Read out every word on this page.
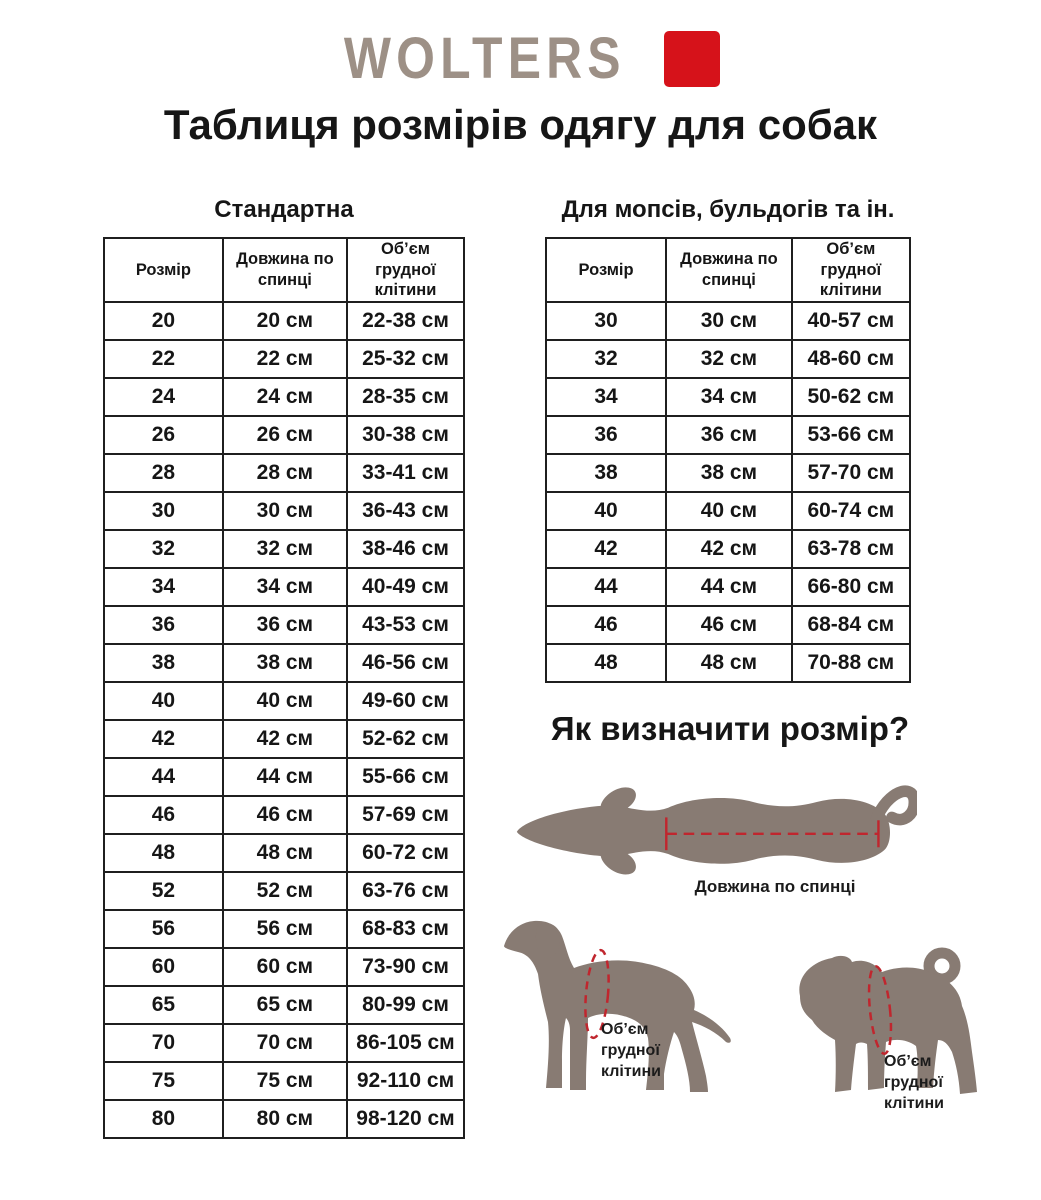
WOLTERS
Таблиця розмірів одягу для собак
Стандартна	Для мопсів, бульдогів та ін.
Розмір	Довжина по спинці	Об’єм грудної клітини
20	20 см	22-38 см
22	22 см	25-32 см
24	24 см	28-35 см
26	26 см	30-38 см
28	28 см	33-41 см
30	30 см	36-43 см
32	32 см	38-46 см
34	34 см	40-49 см
36	36 см	43-53 см
38	38 см	46-56 см
40	40 см	49-60 см
42	42 см	52-62 см
44	44 см	55-66 см
46	46 см	57-69 см
48	48 см	60-72 см
52	52 см	63-76 см
56	56 см	68-83 см
60	60 см	73-90 см
65	65 см	80-99 см
70	70 см	86-105 см
75	75 см	92-110 см
80	80 см	98-120 см
Розмір	Довжина по спинці	Об’єм грудної клітини
30	30 см	40-57 см
32	32 см	48-60 см
34	34 см	50-62 см
36	36 см	53-66 см
38	38 см	57-70 см
40	40 см	60-74 см
42	42 см	63-78 см
44	44 см	66-80 см
46	46 см	68-84 см
48	48 см	70-88 см
Як визначити розмір?
Довжина по спинці
Об’єм грудної клітини
Об’єм грудної клітини
